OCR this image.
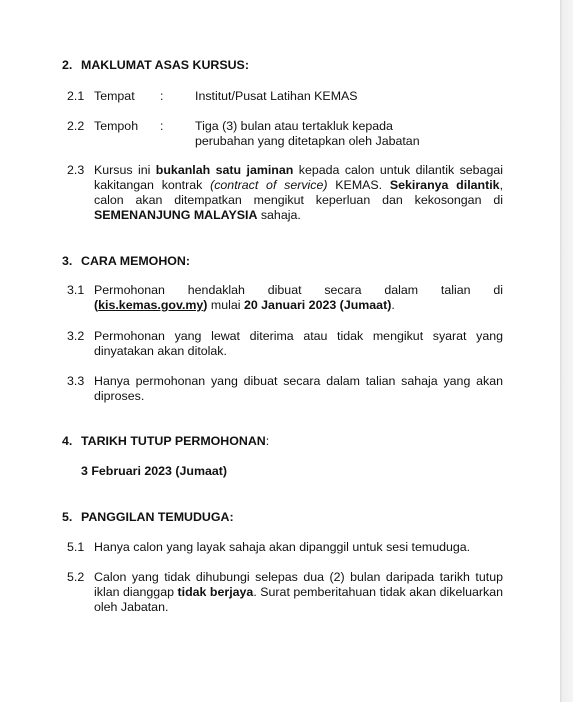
2. MAKLUMAT ASAS KURSUS:
2.1 Tempat :	Institut/Pusat Latihan KEMAS
2.2 Tempoh :	Tiga (3) bulan atau tertakluk kepada
perubahan yang ditetapkan oleh Jabatan
2.3 Kursus ini bukanlah satu jaminan kepada calon untuk dilantik sebagai kakitangan kontrak (contract of service) KEMAS. Sekiranya dilantik, calon akan ditempatkan mengikut keperluan dan kekosongan di SEMENANJUNG MALAYSIA sahaja.
3. CARA MEMOHON:
3.1 Permohonan hendaklah dibuat secara dalam talian di (kis.kemas.gov.my) mulai 20 Januari 2023 (Jumaat).
3.2 Permohonan yang lewat diterima atau tidak mengikut syarat yang dinyatakan akan ditolak.
3.3 Hanya permohonan yang dibuat secara dalam talian sahaja yang akan diproses.
4. TARIKH TUTUP PERMOHONAN:
3 Februari 2023 (Jumaat)
5. PANGGILAN TEMUDUGA:
5.1 Hanya calon yang layak sahaja akan dipanggil untuk sesi temuduga.
5.2 Calon yang tidak dihubungi selepas dua (2) bulan daripada tarikh tutup iklan dianggap tidak berjaya. Surat pemberitahuan tidak akan dikeluarkan oleh Jabatan.
